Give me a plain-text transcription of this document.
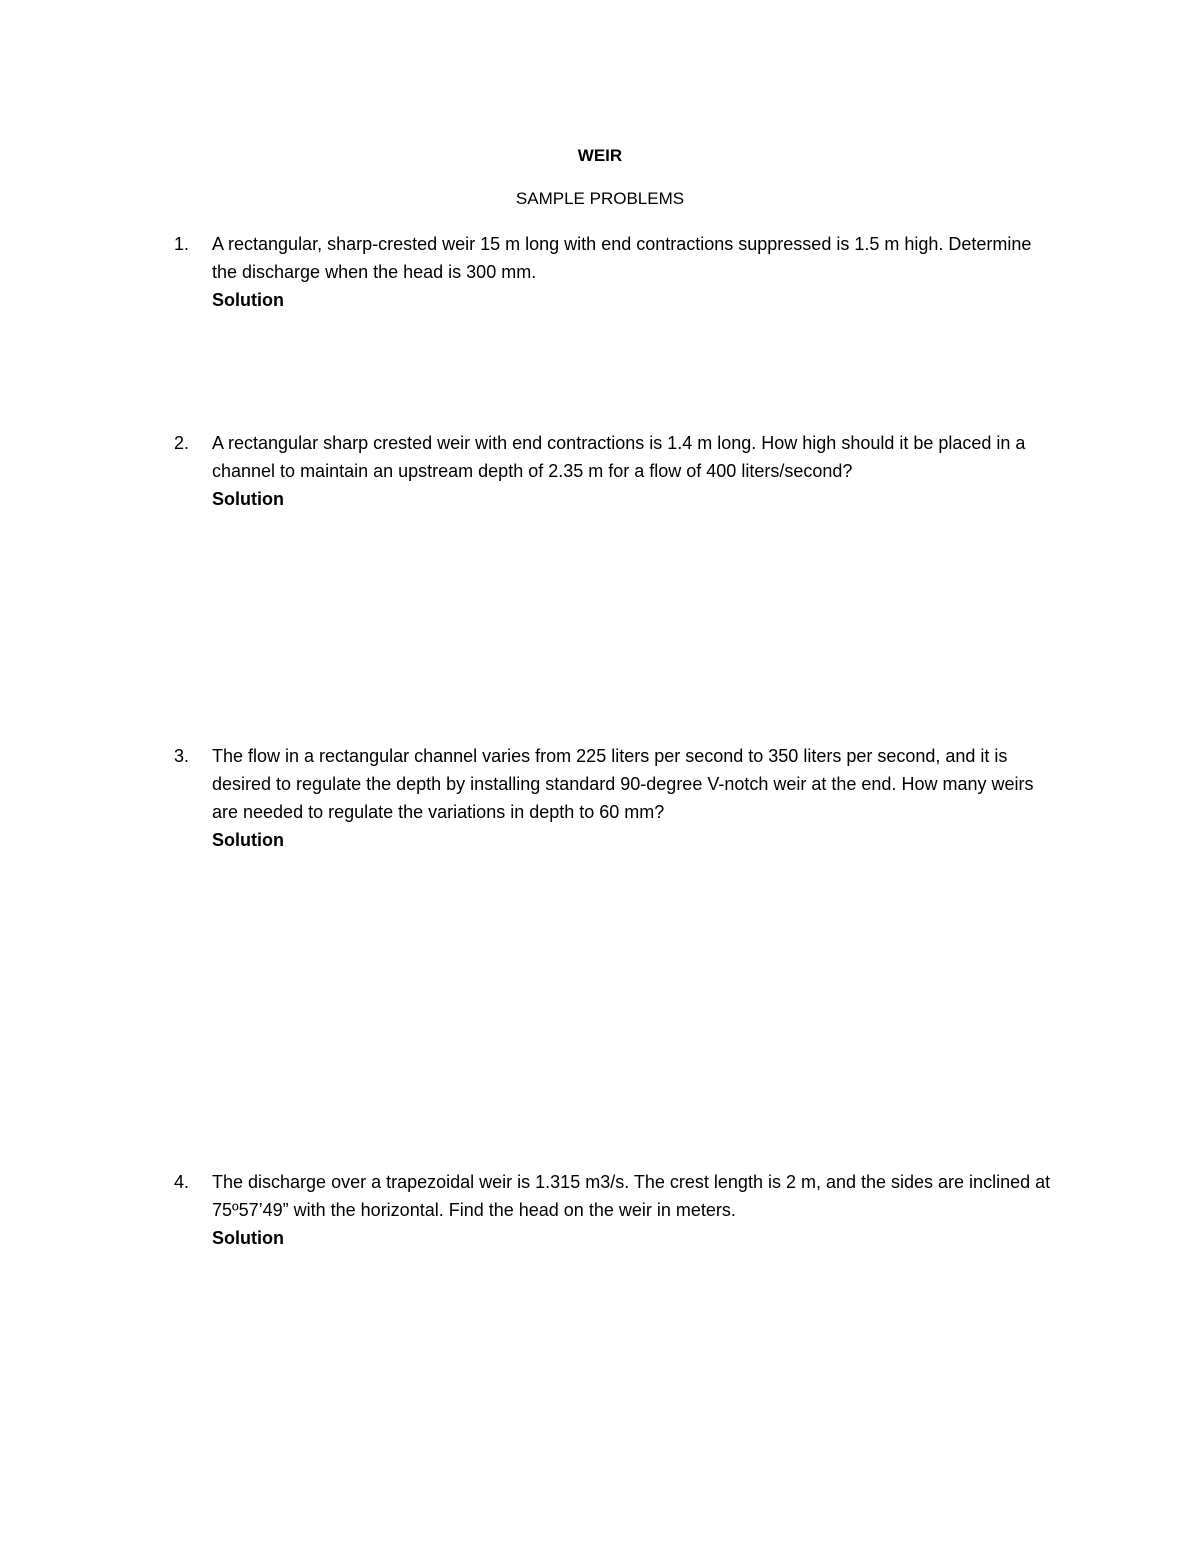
WEIR
SAMPLE PROBLEMS
1.	A rectangular, sharp-crested weir 15 m long with end contractions suppressed is 1.5 m high. Determine the discharge when the head is 300 mm.
Solution
2.	A rectangular sharp crested weir with end contractions is 1.4 m long. How high should it be placed in a channel to maintain an upstream depth of 2.35 m for a flow of 400 liters/second?
Solution
3.	The flow in a rectangular channel varies from 225 liters per second to 350 liters per second, and it is desired to regulate the depth by installing standard 90-degree V-notch weir at the end. How many weirs are needed to regulate the variations in depth to 60 mm?
Solution
4.	The discharge over a trapezoidal weir is 1.315 m3/s. The crest length is 2 m, and the sides are inclined at 75º57’49” with the horizontal. Find the head on the weir in meters.
Solution
